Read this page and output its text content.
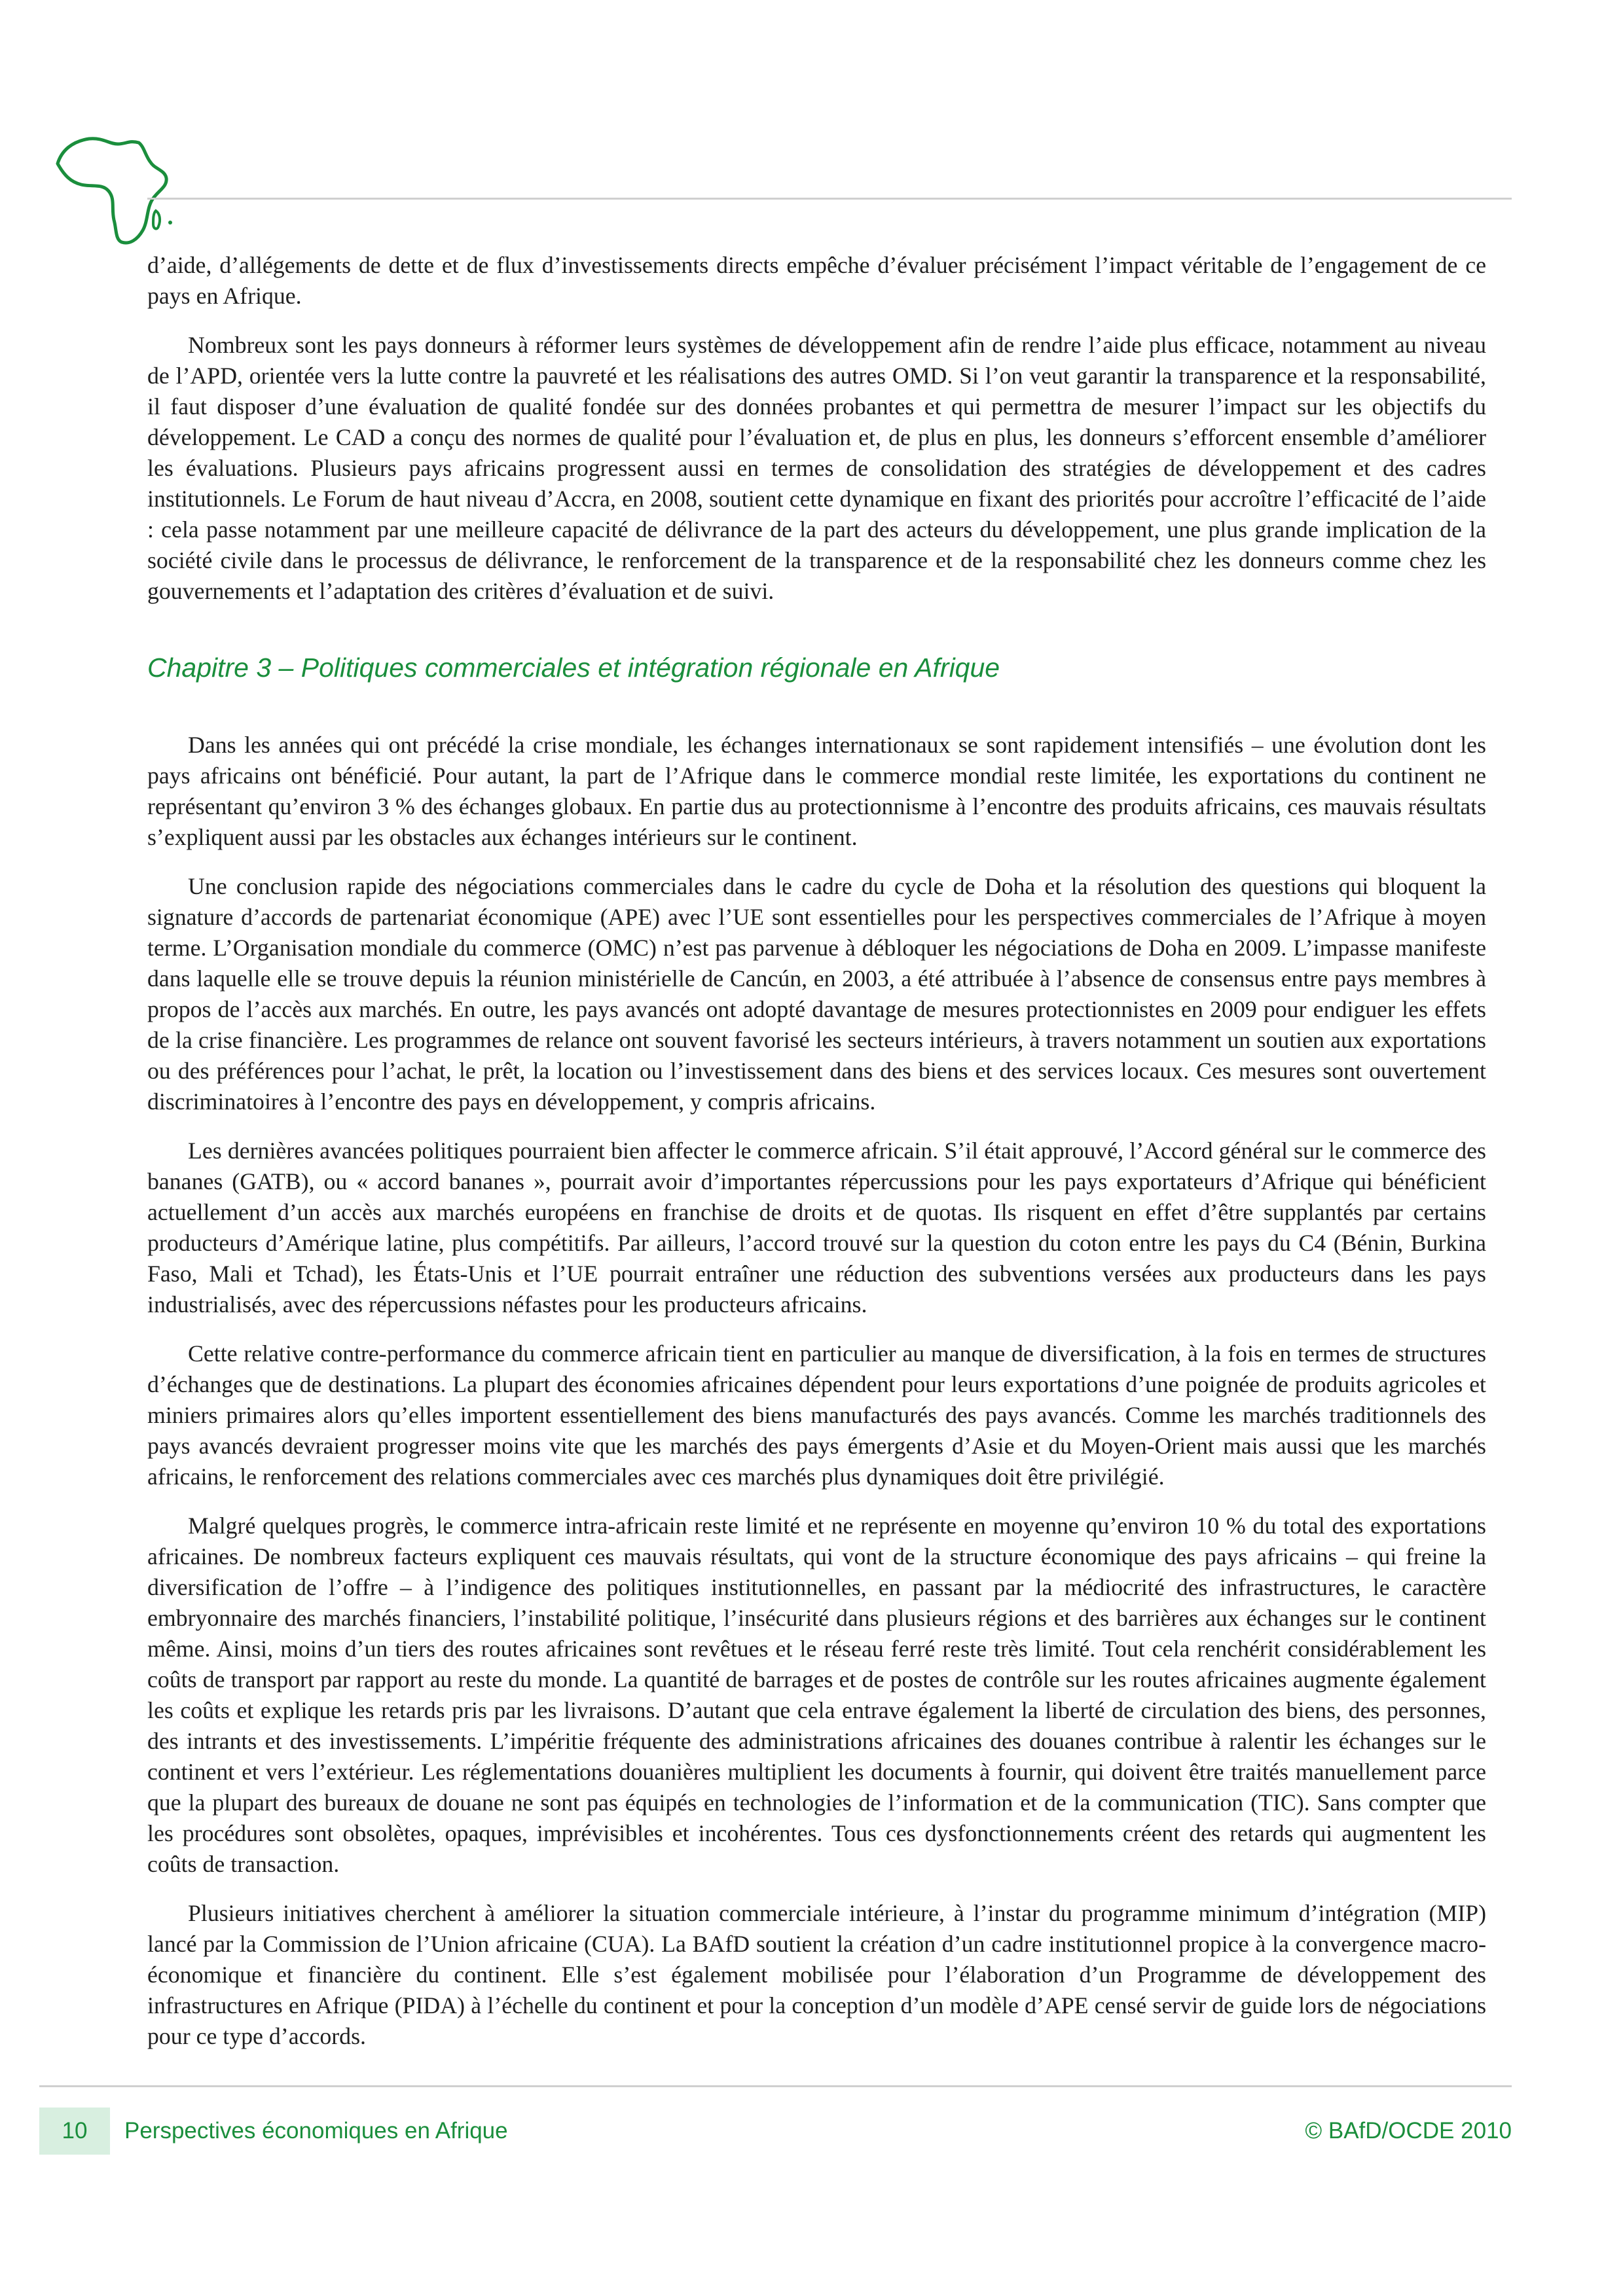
d’aide, d’allégements de dette et de flux d’investissements directs empêche d’évaluer précisément l’impact véritable de l’engagement de ce pays en Afrique.

Nombreux sont les pays donneurs à réformer leurs systèmes de développement afin de rendre l’aide plus efficace, notamment au niveau de l’APD, orientée vers la lutte contre la pauvreté et les réalisations des autres OMD. Si l’on veut garantir la transparence et la responsabilité, il faut disposer d’une évaluation de qualité fondée sur des données probantes et qui permettra de mesurer l’impact sur les objectifs du développement. Le CAD a conçu des normes de qualité pour l’évaluation et, de plus en plus, les donneurs s’efforcent ensemble d’améliorer les évaluations. Plusieurs pays africains progressent aussi en termes de consolidation des stratégies de développement et des cadres institutionnels. Le Forum de haut niveau d’Accra, en 2008, soutient cette dynamique en fixant des priorités pour accroître l’efficacité de l’aide : cela passe notamment par une meilleure capacité de délivrance de la part des acteurs du développement, une plus grande implication de la société civile dans le processus de délivrance, le renforcement de la transparence et de la responsabilité chez les donneurs comme chez les gouvernements et l’adaptation des critères d’évaluation et de suivi.

Chapitre 3 – Politiques commerciales et intégration régionale en Afrique

Dans les années qui ont précédé la crise mondiale, les échanges internationaux se sont rapidement intensifiés – une évolution dont les pays africains ont bénéficié. Pour autant, la part de l’Afrique dans le commerce mondial reste limitée, les exportations du continent ne représentant qu’environ 3 % des échanges globaux. En partie dus au protectionnisme à l’encontre des produits africains, ces mauvais résultats s’expliquent aussi par les obstacles aux échanges intérieurs sur le continent.

Une conclusion rapide des négociations commerciales dans le cadre du cycle de Doha et la résolution des questions qui bloquent la signature d’accords de partenariat économique (APE) avec l’UE sont essentielles pour les perspectives commerciales de l’Afrique à moyen terme. L’Organisation mondiale du commerce (OMC) n’est pas parvenue à débloquer les négociations de Doha en 2009. L’impasse manifeste dans laquelle elle se trouve depuis la réunion ministérielle de Cancún, en 2003, a été attribuée à l’absence de consensus entre pays membres à propos de l’accès aux marchés. En outre, les pays avancés ont adopté davantage de mesures protectionnistes en 2009 pour endiguer les effets de la crise financière. Les programmes de relance ont souvent favorisé les secteurs intérieurs, à travers notamment un soutien aux exportations ou des préférences pour l’achat, le prêt, la location ou l’investissement dans des biens et des services locaux. Ces mesures sont ouvertement discriminatoires à l’encontre des pays en développement, y compris africains.

Les dernières avancées politiques pourraient bien affecter le commerce africain. S’il était approuvé, l’Accord général sur le commerce des bananes (GATB), ou « accord bananes », pourrait avoir d’importantes répercussions pour les pays exportateurs d’Afrique qui bénéficient actuellement d’un accès aux marchés européens en franchise de droits et de quotas. Ils risquent en effet d’être supplantés par certains producteurs d’Amérique latine, plus compétitifs. Par ailleurs, l’accord trouvé sur la question du coton entre les pays du C4 (Bénin, Burkina Faso, Mali et Tchad), les États-Unis et l’UE pourrait entraîner une réduction des subventions versées aux producteurs dans les pays industrialisés, avec des répercussions néfastes pour les producteurs africains.

Cette relative contre-performance du commerce africain tient en particulier au manque de diversification, à la fois en termes de structures d’échanges que de destinations. La plupart des économies africaines dépendent pour leurs exportations d’une poignée de produits agricoles et miniers primaires alors qu’elles importent essentiellement des biens manufacturés des pays avancés. Comme les marchés traditionnels des pays avancés devraient progresser moins vite que les marchés des pays émergents d’Asie et du Moyen-Orient mais aussi que les marchés africains, le renforcement des relations commerciales avec ces marchés plus dynamiques doit être privilégié.

Malgré quelques progrès, le commerce intra-africain reste limité et ne représente en moyenne qu’environ 10 % du total des exportations africaines. De nombreux facteurs expliquent ces mauvais résultats, qui vont de la structure économique des pays africains – qui freine la diversification de l’offre – à l’indigence des politiques institutionnelles, en passant par la médiocrité des infrastructures, le caractère embryonnaire des marchés financiers, l’instabilité politique, l’insécurité dans plusieurs régions et des barrières aux échanges sur le continent même. Ainsi, moins d’un tiers des routes africaines sont revêtues et le réseau ferré reste très limité. Tout cela renchérit considérablement les coûts de transport par rapport au reste du monde. La quantité de barrages et de postes de contrôle sur les routes africaines augmente également les coûts et explique les retards pris par les livraisons. D’autant que cela entrave également la liberté de circulation des biens, des personnes, des intrants et des investissements. L’impéritie fréquente des administrations africaines des douanes contribue à ralentir les échanges sur le continent et vers l’extérieur. Les réglementations douanières multiplient les documents à fournir, qui doivent être traités manuellement parce que la plupart des bureaux de douane ne sont pas équipés en technologies de l’information et de la communication (TIC). Sans compter que les procédures sont obsolètes, opaques, imprévisibles et incohérentes. Tous ces dysfonctionnements créent des retards qui augmentent les coûts de transaction.

Plusieurs initiatives cherchent à améliorer la situation commerciale intérieure, à l’instar du programme minimum d’intégration (MIP) lancé par la Commission de l’Union africaine (CUA). La BAfD soutient la création d’un cadre institutionnel propice à la convergence macro-économique et financière du continent. Elle s’est également mobilisée pour l’élaboration d’un Programme de développement des infrastructures en Afrique (PIDA) à l’échelle du continent et pour la conception d’un modèle d’APE censé servir de guide lors de négociations pour ce type d’accords.

10	Perspectives économiques en Afrique	© BAfD/OCDE 2010
